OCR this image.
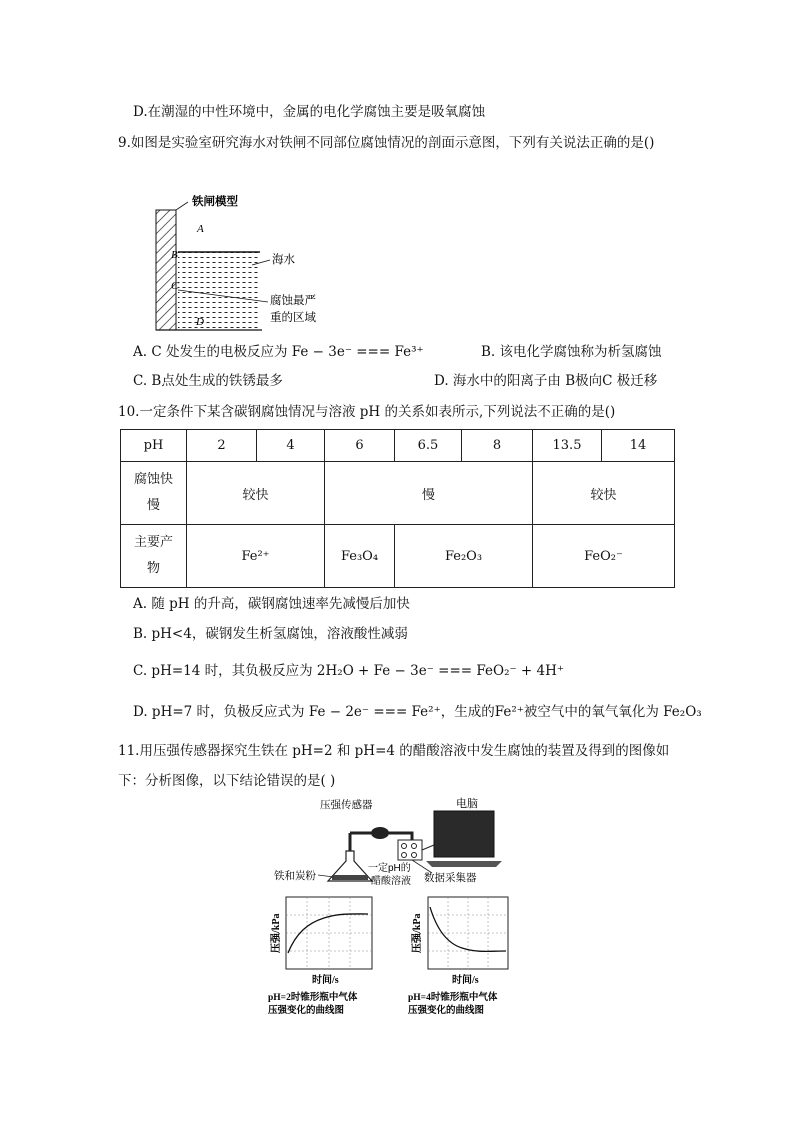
D.在潮湿的中性环境中，金属的电化学腐蚀主要是吸氧腐蚀
9.如图是实验室研究海水对铁闸不同部位腐蚀情况的剖面示意图，下列有关说法正确的是()
A
B
C
D
铁闸模型
海水
腐蚀最严
重的区域
A. C 处发生的电极反应为 Fe − 3e⁻ === Fe³⁺	B. 该电化学腐蚀称为析氢腐蚀
C. B点处生成的铁锈最多	D. 海水中的阳离子由 B极向C 极迁移
10.一定条件下某含碳钢腐蚀情况与溶液 pH 的关系如表所示,下列说法不正确的是()
pH	2	4	6	6.5	8	13.5	14

腐蚀快
慢	较快		慢			较快	

主要产
物	Fe²⁺		Fe₃O₄	Fe₂O₃		FeO₂⁻	
A. 随 pH 的升高，碳钢腐蚀速率先减慢后加快
B. pH<4，碳钢发生析氢腐蚀，溶液酸性减弱
C. pH=14 时，其负极反应为 2H₂O + Fe − 3e⁻ === FeO₂⁻ + 4H⁺
D. pH=7 时，负极反应式为 Fe − 2e⁻ === Fe²⁺，生成的Fe²⁺被空气中的氧气氧化为 Fe₂O₃
11.用压强传感器探究生铁在 pH=2 和 pH=4 的醋酸溶液中发生腐蚀的装置及得到的图像如
下：分析图像，以下结论错误的是( )
压强传感器	电脑
铁和炭粉
一定pH的
醋酸溶液 数据采集器
压强/kPa
时间/s
pH=2时锥形瓶中气体
压强变化的曲线图
压强/kPa
时间/s
pH=4时锥形瓶中气体
压强变化的曲线图
